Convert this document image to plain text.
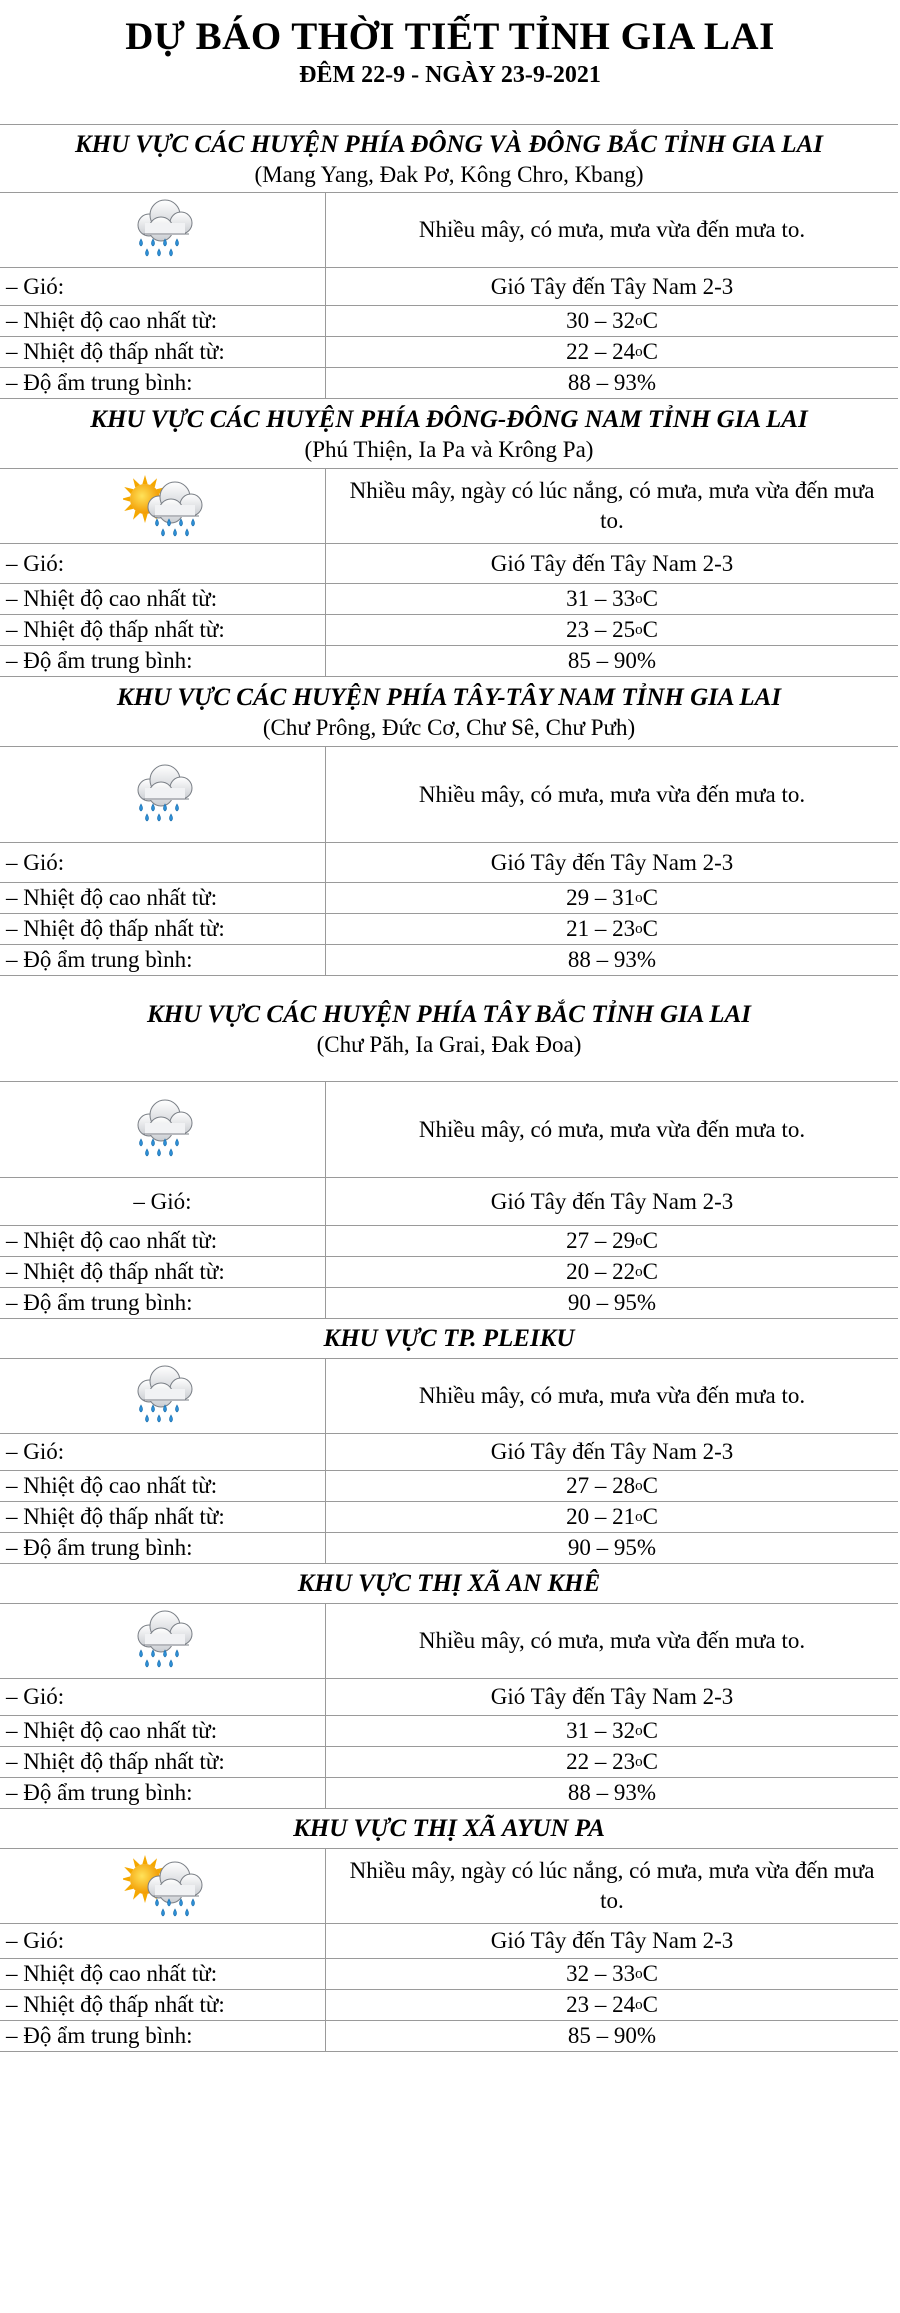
DỰ BÁO THỜI TIẾT TỈNH GIA LAI
ĐÊM 22-9 - NGÀY 23-9-2021
KHU VỰC CÁC HUYỆN PHÍA ĐÔNG VÀ ĐÔNG BẮC TỈNH GIA LAI
(Mang Yang, Đak Pơ, Kông Chro, Kbang)
Nhiều mây, có mưa, mưa vừa đến mưa to.
– Gió:	Gió Tây đến Tây Nam 2-3
– Nhiệt độ cao nhất từ:	30 – 32 o C
– Nhiệt độ thấp nhất từ:	22 – 24 o C
– Độ ẩm trung bình:	88 – 93%
KHU VỰC CÁC HUYỆN PHÍA ĐÔNG-ĐÔNG NAM TỈNH GIA LAI
(Phú Thiện, Ia Pa và Krông Pa)
Nhiều mây, ngày có lúc nắng, có mưa, mưa vừa đến mưa to.
– Gió:	Gió Tây đến Tây Nam 2-3
– Nhiệt độ cao nhất từ:	31 – 33 o C
– Nhiệt độ thấp nhất từ:	23 – 25 o C
– Độ ẩm trung bình:	85 – 90%
KHU VỰC CÁC HUYỆN PHÍA TÂY-TÂY NAM TỈNH GIA LAI
(Chư Prông, Đức Cơ, Chư Sê, Chư Pưh)
Nhiều mây, có mưa, mưa vừa đến mưa to.
– Gió:	Gió Tây đến Tây Nam 2-3
– Nhiệt độ cao nhất từ:	29 – 31 o C
– Nhiệt độ thấp nhất từ:	21 – 23 o C
– Độ ẩm trung bình:	88 – 93%
KHU VỰC CÁC HUYỆN PHÍA TÂY BẮC TỈNH GIA LAI
(Chư Păh, Ia Grai, Đak Đoa)
Nhiều mây, có mưa, mưa vừa đến mưa to.
– Gió:	Gió Tây đến Tây Nam 2-3
– Nhiệt độ cao nhất từ:	27 – 29 o C
– Nhiệt độ thấp nhất từ:	20 – 22 o C
– Độ ẩm trung bình:	90 – 95%
KHU VỰC TP. PLEIKU
Nhiều mây, có mưa, mưa vừa đến mưa to.
– Gió:	Gió Tây đến Tây Nam 2-3
– Nhiệt độ cao nhất từ:	27 – 28 o C
– Nhiệt độ thấp nhất từ:	20 – 21 o C
– Độ ẩm trung bình:	90 – 95%
KHU VỰC THỊ XÃ AN KHÊ
Nhiều mây, có mưa, mưa vừa đến mưa to.
– Gió:	Gió Tây đến Tây Nam 2-3
– Nhiệt độ cao nhất từ:	31 – 32 o C
– Nhiệt độ thấp nhất từ:	22 – 23 o C
– Độ ẩm trung bình:	88 – 93%
KHU VỰC THỊ XÃ AYUN PA
Nhiều mây, ngày có lúc nắng, có mưa, mưa vừa đến mưa to.
– Gió:	Gió Tây đến Tây Nam 2-3
– Nhiệt độ cao nhất từ:	32 – 33 o C
– Nhiệt độ thấp nhất từ:	23 – 24 o C
– Độ ẩm trung bình:	85 – 90%
